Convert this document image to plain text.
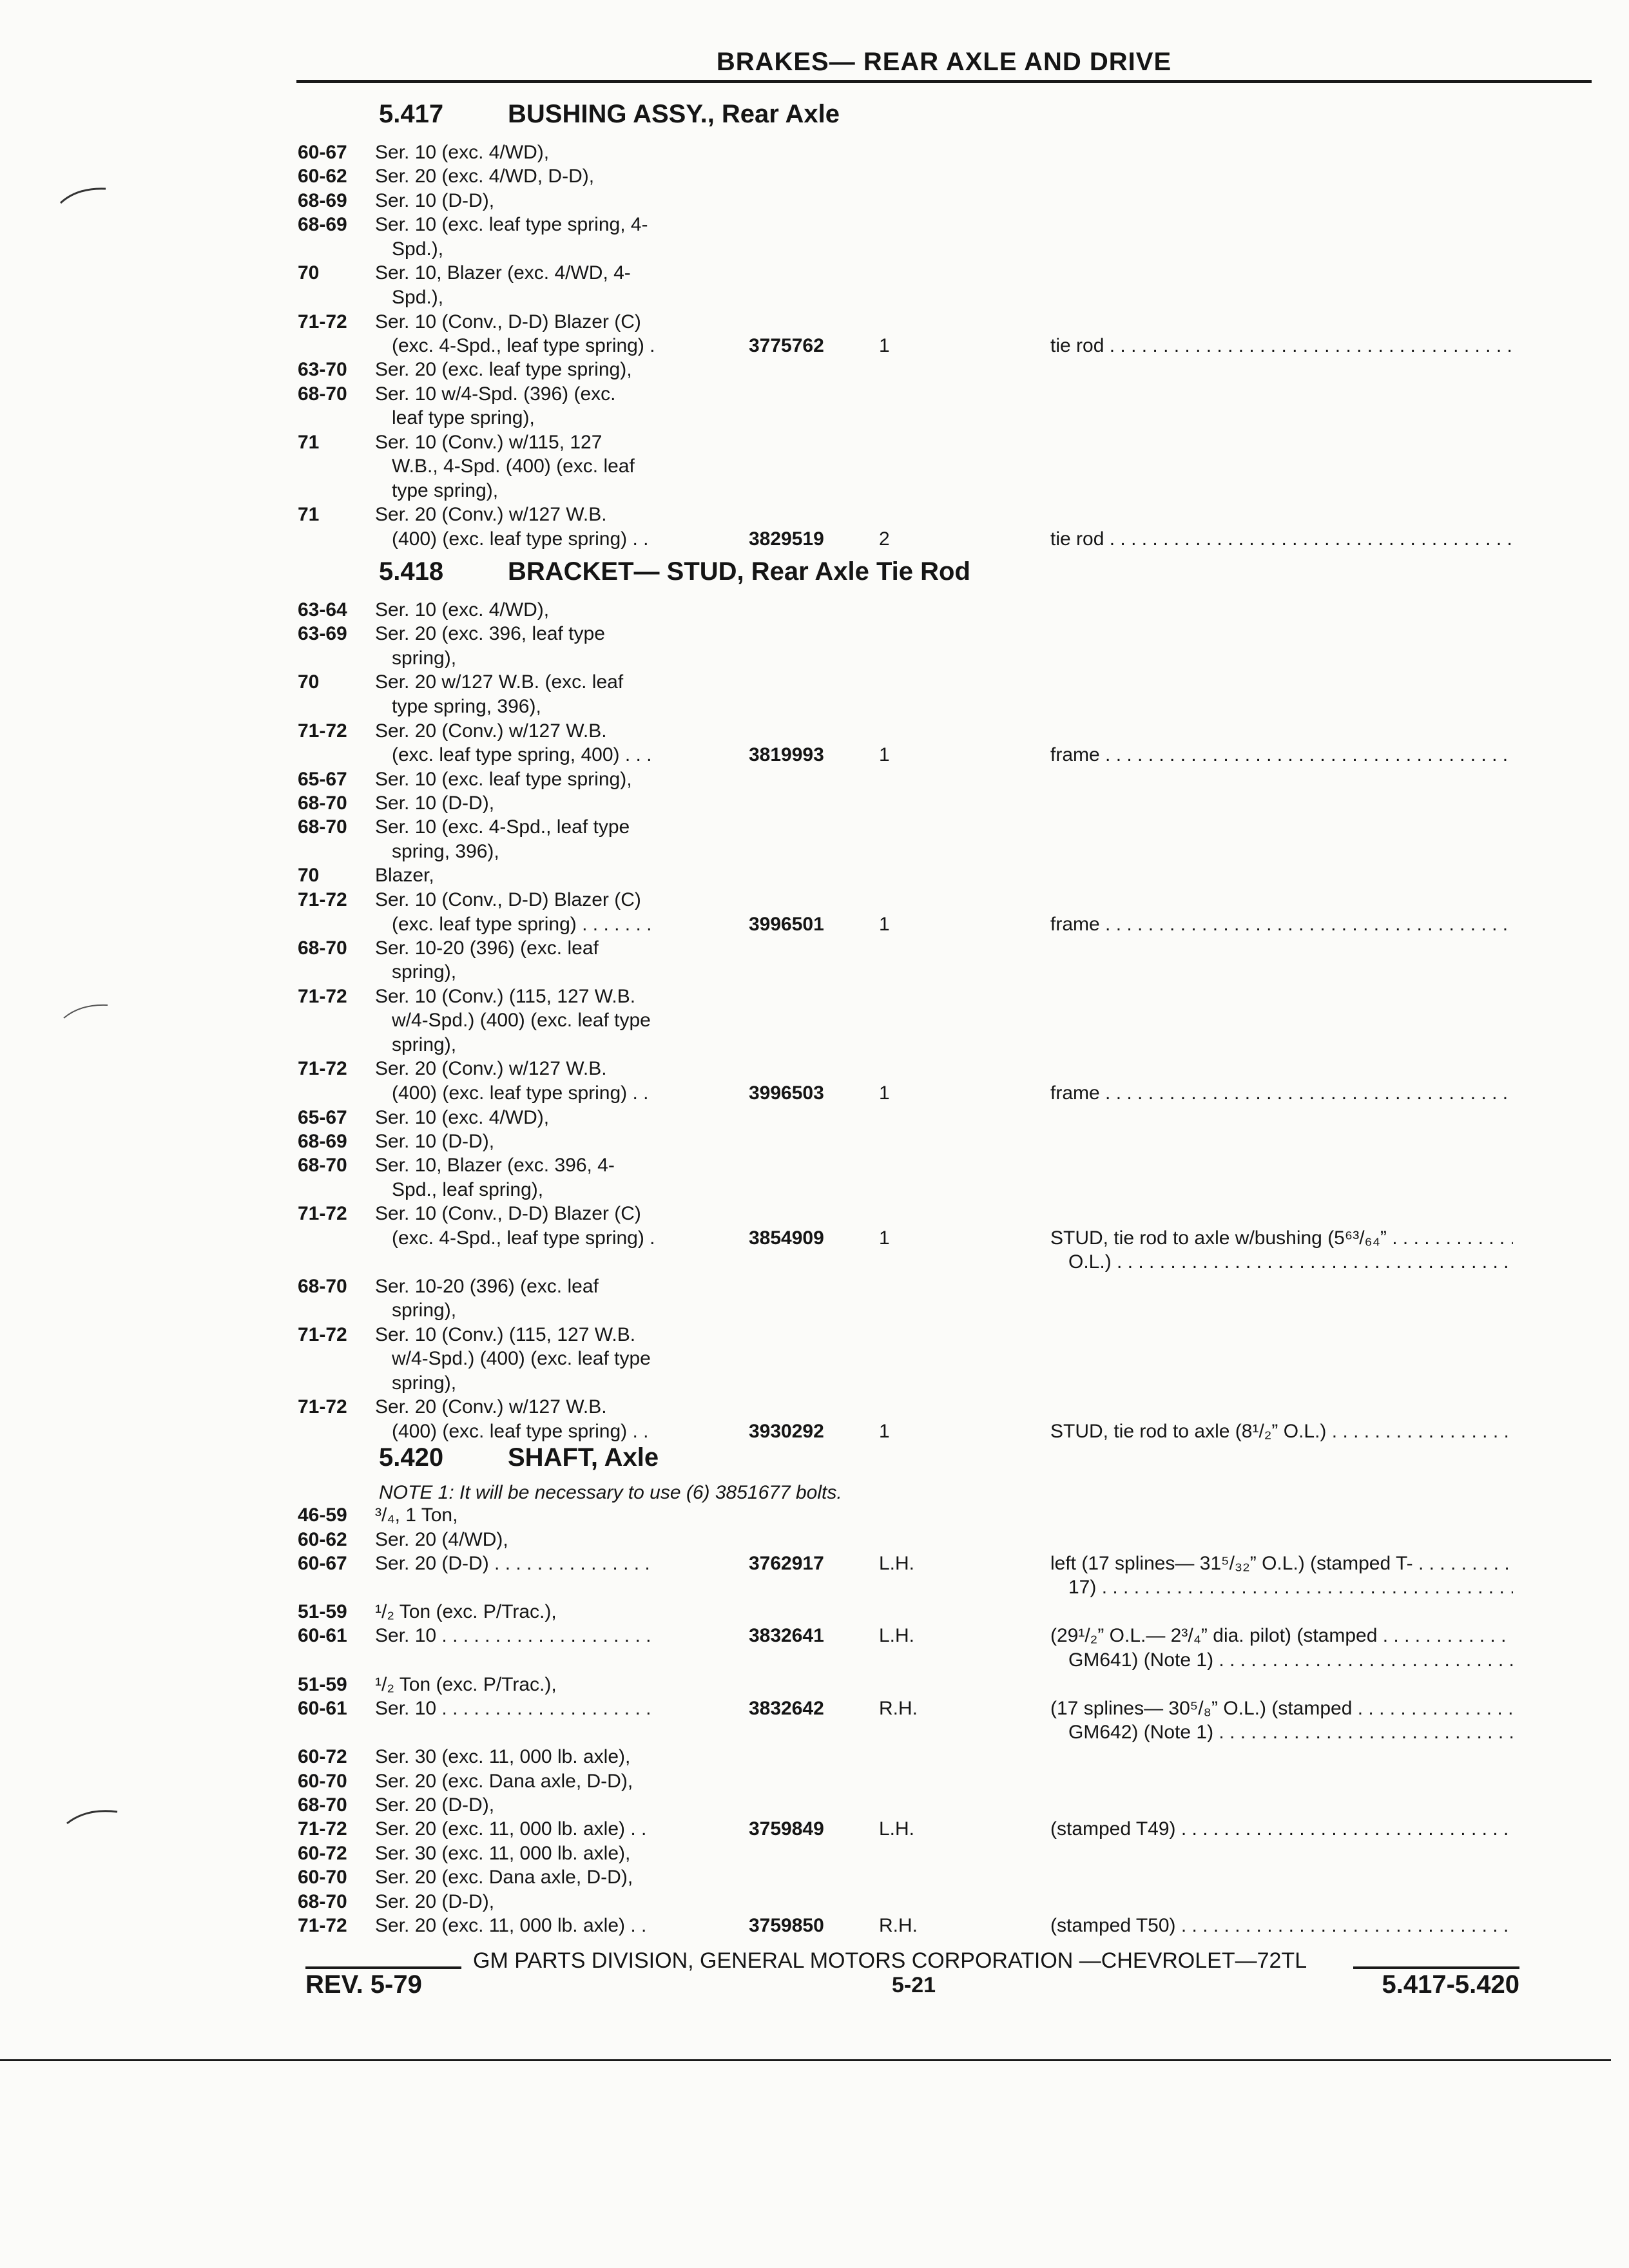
BRAKES— REAR AXLE AND DRIVE
5.417 BUSHING ASSY., Rear Axle
5.418 BRACKET— STUD, Rear Axle Tie Rod
5.420 SHAFT, Axle
NOTE 1: It will be necessary to use (6) 3851677 bolts.
60-67 Ser. 10 (exc. 4/WD),
60-62 Ser. 20 (exc. 4/WD, D-D),
68-69 Ser. 10 (D-D),
68-69 Ser. 10 (exc. leaf type spring, 4-
Spd.),
70	Ser. 10, Blazer (exc. 4/WD, 4-
Spd.),
71-72 Ser. 10 (Conv., D-D) Blazer (C)
(exc. 4-Spd., leaf type spring) .	3775762	1	tie rod . . .
63-70 Ser. 20 (exc. leaf type spring),
68-70 Ser. 10 w/4-Spd. (396) (exc.
leaf type spring),
71	Ser. 10 (Conv.) w/115, 127
W.B., 4-Spd. (400) (exc. leaf
type spring),
71	Ser. 20 (Conv.) w/127 W.B.
(400) (exc. leaf type spring) . .	3829519	2	tie rod . . .
63-64 Ser. 10 (exc. 4/WD),
63-69 Ser. 20 (exc. 396, leaf type
spring),
70	Ser. 20 w/127 W.B. (exc. leaf
type spring, 396),
71-72 Ser. 20 (Conv.) w/127 W.B.
(exc. leaf type spring, 400) . . .	3819993	1	frame . . .
65-67 Ser. 10 (exc. leaf type spring),
68-70 Ser. 10 (D-D),
68-70 Ser. 10 (exc. 4-Spd., leaf type
spring, 396),
70	Blazer,
71-72 Ser. 10 (Conv., D-D) Blazer (C)
(exc. leaf type spring) . . . . . . .	3996501	1	frame . . .
68-70 Ser. 10-20 (396) (exc. leaf
spring),
71-72 Ser. 10 (Conv.) (115, 127 W.B.
w/4-Spd.) (400) (exc. leaf type
spring),
71-72 Ser. 20 (Conv.) w/127 W.B.
(400) (exc. leaf type spring) . .	3996503	1	frame . . .
65-67 Ser. 10 (exc. 4/WD),
68-69 Ser. 10 (D-D),
68-70 Ser. 10, Blazer (exc. 396, 4-
Spd., leaf spring),
71-72 Ser. 10 (Conv., D-D) Blazer (C)
(exc. 4-Spd., leaf type spring) .	3854909	1	STUD, tie rod to axle w/bushing (5⁶³/₆₄” . . .
O.L.) . . .
68-70 Ser. 10-20 (396) (exc. leaf
spring),
71-72 Ser. 10 (Conv.) (115, 127 W.B.
w/4-Spd.) (400) (exc. leaf type
spring),
71-72 Ser. 20 (Conv.) w/127 W.B.
(400) (exc. leaf type spring) . .	3930292	1	STUD, tie rod to axle (8¹/₂” O.L.) . . .
46-59 ³/₄, 1 Ton,
60-62 Ser. 20 (4/WD),
60-67 Ser. 20 (D-D) . . . . . . . . . . . . . . .	3762917	L.H.	left (17 splines— 31⁵/₃₂” O.L.) (stamped T- . . .
17) . . .
51-59 ¹/₂ Ton (exc. P/Trac.),
60-61 Ser. 10 . . . . . . . . . . . . . . . . . . . .	3832641	L.H.	(29¹/₂” O.L.— 2³/₄” dia. pilot) (stamped . . .
GM641) (Note 1) . . .
51-59 ¹/₂ Ton (exc. P/Trac.),
60-61 Ser. 10 . . . . . . . . . . . . . . . . . . . .	3832642	R.H.	(17 splines— 30⁵/₈” O.L.) (stamped . . .
GM642) (Note 1) . . .
60-72 Ser. 30 (exc. 11, 000 lb. axle),
60-70 Ser. 20 (exc. Dana axle, D-D),
68-70 Ser. 20 (D-D),
71-72 Ser. 20 (exc. 11, 000 lb. axle) . .	3759849	L.H.	(stamped T49) . . .
60-72 Ser. 30 (exc. 11, 000 lb. axle),
60-70 Ser. 20 (exc. Dana axle, D-D),
68-70 Ser. 20 (D-D),
71-72 Ser. 20 (exc. 11, 000 lb. axle) . .	3759850	R.H.	(stamped T50) . . .
GM PARTS DIVISION, GENERAL MOTORS CORPORATION —CHEVROLET—72TL
REV. 5-79	5-21	5.417-5.420
